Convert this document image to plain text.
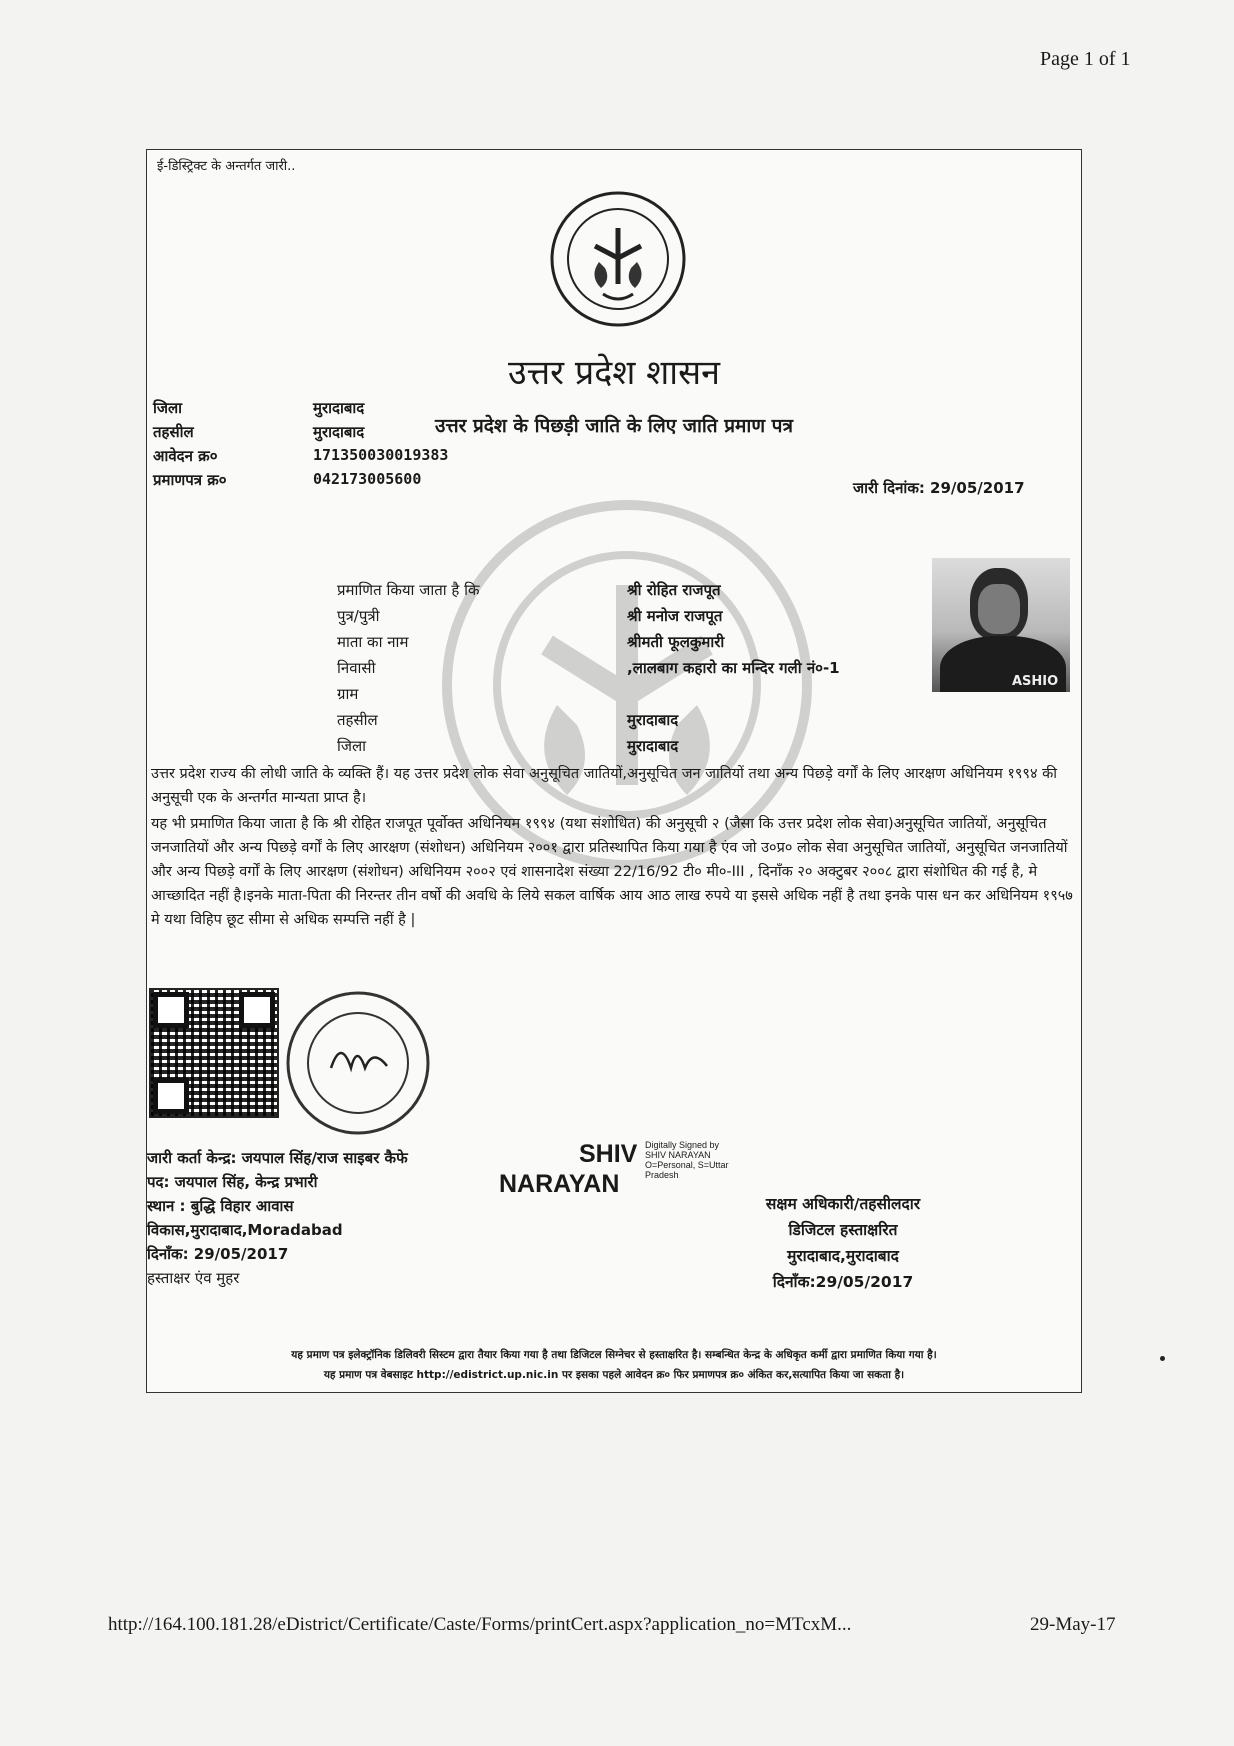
Page 1 of 1
ई-डिस्ट्रिक्ट के अन्तर्गत जारी..
उत्तर प्रदेश शासन
उत्तर प्रदेश के पिछड़ी जाति के लिए जाति प्रमाण पत्र
जिला	मुरादाबाद
तहसील	मुरादाबाद
आवेदन क्र०	171350030019383
प्रमाणपत्र क्र०	042173005600	जारी दिनांक: 29/05/2017
ASHIO
प्रमाणित किया जाता है कि	श्री रोहित राजपूत
पुत्र/पुत्री	श्री मनोज राजपूत
माता का नाम	श्रीमती फूलकुमारी
निवासी	,लालबाग कहारो का मन्दिर गली नं०-1
ग्राम
तहसील	मुरादाबाद
जिला	मुरादाबाद
उत्तर प्रदेश राज्य की लोधी जाति के व्यक्ति हैं। यह उत्तर प्रदेश लोक सेवा अनुसूचित जातियों,अनुसूचित जन जातियों तथा अन्य पिछड़े वर्गों के लिए आरक्षण अधिनियम १९९४ की अनुसूची एक के अन्तर्गत मान्यता प्राप्त है।
यह भी प्रमाणित किया जाता है कि श्री रोहित राजपूत पूर्वोक्त अधिनियम १९९४ (यथा संशोधित) की अनुसूची २ (जैसा कि उत्तर प्रदेश लोक सेवा)अनुसूचित जातियों, अनुसूचित जनजातियों और अन्य पिछड़े वर्गों के लिए आरक्षण (संशोधन) अधिनियम २००१ द्वारा प्रतिस्थापित किया गया है एंव जो उ०प्र० लोक सेवा अनुसूचित जातियों, अनुसूचित जनजातियों और अन्य पिछड़े वर्गों के लिए आरक्षण (संशोधन) अधिनियम २००२ एवं शासनादेश संख्या 22/16/92 टी० मी०-III , दिनाँक २० अक्टुबर २००८ द्वारा संशोधित की गई है, मे आच्छादित नहीं है।इनके माता-पिता की निरन्तर तीन वर्षो की अवधि के लिये सकल वार्षिक आय आठ लाख रुपये या इससे अधिक नहीं है तथा इनके पास धन कर अधिनियम १९५७ मे यथा विहिप छूट सीमा से अधिक सम्पत्ति नहीं है |
जारी कर्ता केन्द्र: जयपाल सिंह/राज साइबर कैफे
पद: जयपाल सिंह, केन्द्र प्रभारी
स्थान : बुद्धि विहार आवास
विकास,मुरादाबाद,Moradabad
दिनाँक: 29/05/2017
हस्ताक्षर एंव मुहर
SHIV
NARAYAN
Digitally Signed by
SHIV NARAYAN
O=Personal, S=Uttar
Pradesh
सक्षम अधिकारी/तहसीलदार
डिजिटल हस्ताक्षरित
मुरादाबाद,मुरादाबाद
दिनाँक:29/05/2017
यह प्रमाण पत्र इलेक्ट्रॉनिक डिलिवरी सिस्टम द्वारा तैयार किया गया है तथा डिजिटल सिग्नेचर से हस्ताक्षरित है। सम्बन्धित केन्द्र के अधिकृत कर्मी द्वारा प्रमाणित किया गया है।
यह प्रमाण पत्र वेबसाइट http://edistrict.up.nic.in पर इसका पहले आवेदन क्र० फिर प्रमाणपत्र क्र० अंकित कर,सत्यापित किया जा सकता है।
http://164.100.181.28/eDistrict/Certificate/Caste/Forms/printCert.aspx?application_no=MTcxM...	29-May-17
